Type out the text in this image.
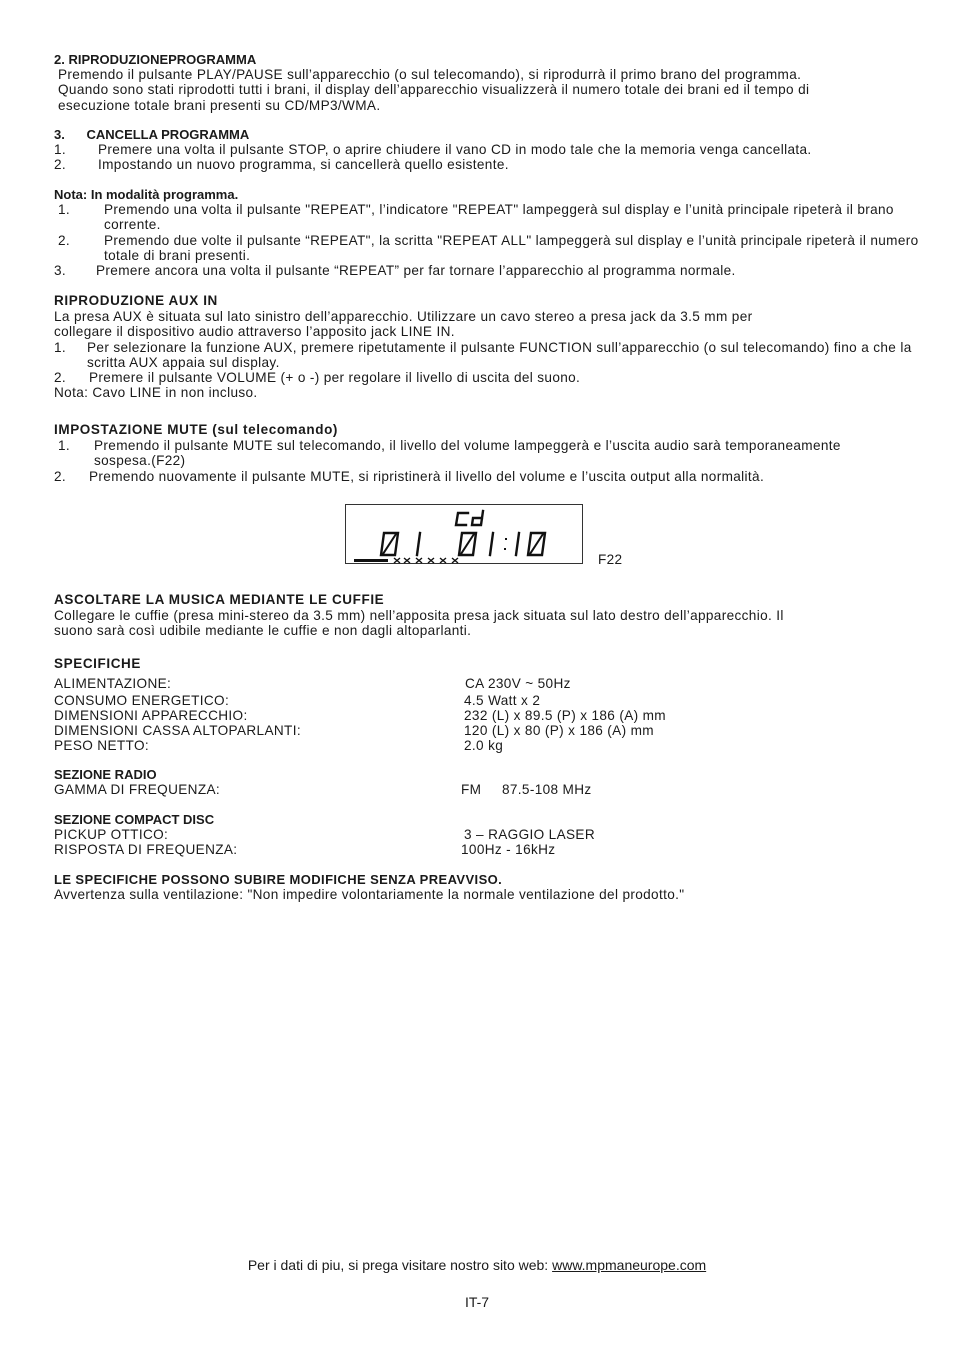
2. RIPRODUZIONEPROGRAMMA

Premendo il pulsante PLAY/PAUSE sull’apparecchio (o sul telecomando), si riprodurrà il primo brano del programma.

Quando sono stati riprodotti tutti i brani, il display dell’apparecchio visualizzerà il numero totale dei brani ed il tempo di

esecuzione totale brani presenti su CD/MP3/WMA.

3.      CANCELLA PROGRAMMA
1. Premere una volta il pulsante STOP, o aprire chiudere il vano CD in modo tale che la memoria venga cancellata.
2. Impostando un nuovo programma, si cancellerà quello esistente.
Nota: In modalità programma.
1. Premendo una volta il pulsante "REPEAT", l’indicatore "REPEAT" lampeggerà sul display e l’unità principale ripeterà il brano corrente.
2. Premendo due volte il pulsante “REPEAT", la scritta "REPEAT ALL" lampeggerà sul display e l’unità principale ripeterà il numero totale di brani presenti.
3. Premere ancora una volta il pulsante “REPEAT” per far tornare l’apparecchio al programma normale.
RIPRODUZIONE AUX IN

La presa AUX è situata sul lato sinistro dell’apparecchio. Utilizzare un cavo stereo a presa jack da 3.5 mm per

collegare il dispositivo audio attraverso l’apposito jack LINE IN.

1. Per selezionare la funzione AUX, premere ripetutamente il pulsante FUNCTION sull’apparecchio (o sul telecomando) fino a che la scritta AUX appaia sul display.
2. Premere il pulsante VOLUME (+ o -) per regolare il livello di uscita del suono.

Nota: Cavo LINE in non incluso.

IMPOSTAZIONE MUTE (sul telecomando)
1. Premendo il pulsante MUTE sul telecomando, il livello del volume lampeggerà e l’uscita audio sarà temporaneamente sospesa.(F22)
2. Premendo nuovamente il pulsante MUTE, si ripristinerà il livello del volume e l’uscita output alla normalità.
F22
ASCOLTARE LA MUSICA MEDIANTE LE CUFFIE

Collegare le cuffie (presa mini-stereo da 3.5 mm) nell’apposita presa jack situata sul lato destro dell’apparecchio. Il

suono sarà così udibile mediante le cuffie e non dagli altoparlanti.

SPECIFICHE
ALIMENTAZIONE:	CA 230V ~ 50Hz
CONSUMO ENERGETICO:	4.5 Watt x 2
DIMENSIONI APPARECCHIO:	232 (L) x 89.5 (P) x 186 (A) mm
DIMENSIONI CASSA ALTOPARLANTI:	120 (L) x 80 (P) x 186 (A) mm
PESO NETTO:	2.0 kg
SEZIONE RADIO
GAMMA DI FREQUENZA:	FM     87.5-108 MHz
SEZIONE COMPACT DISC
PICKUP OTTICO:	3 – RAGGIO LASER
RISPOSTA DI FREQUENZA:	100Hz - 16kHz
LE SPECIFICHE POSSONO SUBIRE MODIFICHE SENZA PREAVVISO.

Avvertenza sulla ventilazione: "Non impedire volontariamente la normale ventilazione del prodotto."

Per i dati di piu, si prega visitare nostro sito web: www.mpmaneurope.com
IT-7
